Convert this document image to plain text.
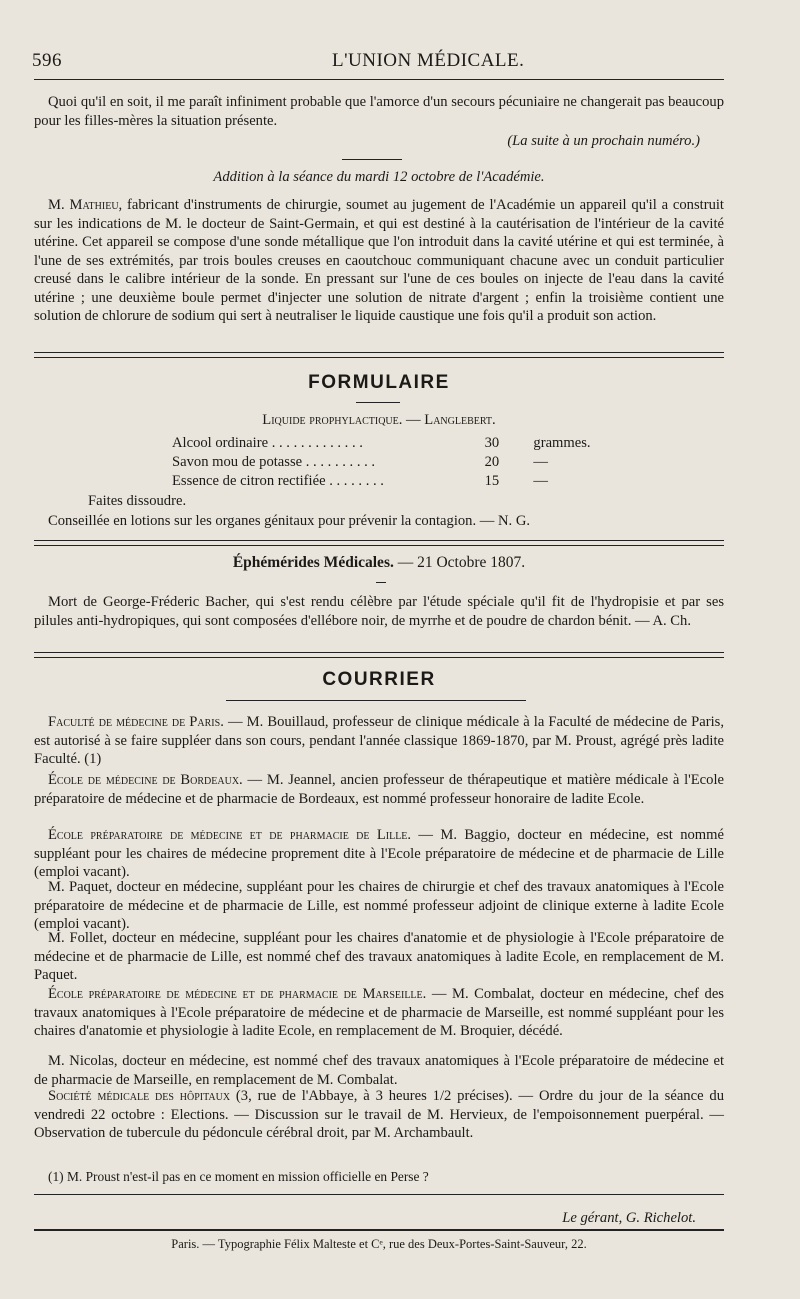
596	L'UNION MÉDICALE.

Quoi qu'il en soit, il me paraît infiniment probable que l'amorce d'un secours pécuniaire ne changerait pas beaucoup pour les filles-mères la situation présente.

(La suite à un prochain numéro.)

Addition à la séance du mardi 12 octobre de l'Académie.

M. Mathieu, fabricant d'instruments de chirurgie, soumet au jugement de l'Académie un appareil qu'il a construit sur les indications de M. le docteur de Saint-Germain, et qui est destiné à la cautérisation de l'intérieur de la cavité utérine. Cet appareil se compose d'une sonde métallique que l'on introduit dans la cavité utérine et qui est terminée, à l'une de ses extrémités, par trois boules creuses en caoutchouc communiquant chacune avec un conduit particulier creusé dans le calibre intérieur de la sonde. En pressant sur l'une de ces boules on injecte de l'eau dans la cavité utérine ; une deuxième boule permet d'injecter une solution de nitrate d'argent ; enfin la troisième contient une solution de chlorure de sodium qui sert à neutraliser le liquide caustique une fois qu'il a produit son action.

FORMULAIRE

Liquide prophylactique. — Langlebert.

Alcool ordinaire . . . . . . . . . . . . .	30	grammes.
Savon mou de potasse . . . . . . . . . .	20	—
Essence de citron rectifiée . . . . . . . .	15	—

Faites dissoudre.

Conseillée en lotions sur les organes génitaux pour prévenir la contagion. — N. G.

Éphémérides Médicales. — 21 Octobre 1807.

Mort de George-Fréderic Bacher, qui s'est rendu célèbre par l'étude spéciale qu'il fit de l'hydropisie et par ses pilules anti-hydropiques, qui sont composées d'ellébore noir, de myrrhe et de poudre de chardon bénit. — A. Ch.

COURRIER

Faculté de médecine de Paris. — M. Bouillaud, professeur de clinique médicale à la Faculté de médecine de Paris, est autorisé à se faire suppléer dans son cours, pendant l'année classique 1869-1870, par M. Proust, agrégé près ladite Faculté. (1)

École de médecine de Bordeaux. — M. Jeannel, ancien professeur de thérapeutique et matière médicale à l'Ecole préparatoire de médecine et de pharmacie de Bordeaux, est nommé professeur honoraire de ladite Ecole.

École préparatoire de médecine et de pharmacie de Lille. — M. Baggio, docteur en médecine, est nommé suppléant pour les chaires de médecine proprement dite à l'Ecole préparatoire de médecine et de pharmacie de Lille (emploi vacant).

M. Paquet, docteur en médecine, suppléant pour les chaires de chirurgie et chef des travaux anatomiques à l'Ecole préparatoire de médecine et de pharmacie de Lille, est nommé professeur adjoint de clinique externe à ladite Ecole (emploi vacant).

M. Follet, docteur en médecine, suppléant pour les chaires d'anatomie et de physiologie à l'Ecole préparatoire de médecine et de pharmacie de Lille, est nommé chef des travaux anatomiques à ladite Ecole, en remplacement de M. Paquet.

École préparatoire de médecine et de pharmacie de Marseille. — M. Combalat, docteur en médecine, chef des travaux anatomiques à l'Ecole préparatoire de médecine et de pharmacie de Marseille, est nommé suppléant pour les chaires d'anatomie et physiologie à ladite Ecole, en remplacement de M. Broquier, décédé.

M. Nicolas, docteur en médecine, est nommé chef des travaux anatomiques à l'Ecole préparatoire de médecine et de pharmacie de Marseille, en remplacement de M. Combalat.

Société médicale des hôpitaux (3, rue de l'Abbaye, à 3 heures 1/2 précises). — Ordre du jour de la séance du vendredi 22 octobre : Elections. — Discussion sur le travail de M. Hervieux, de l'empoisonnement puerpéral. — Observation de tubercule du pédoncule cérébral droit, par M. Archambault.

(1) M. Proust n'est-il pas en ce moment en mission officielle en Perse ?

Le gérant, G. Richelot.

Paris. — Typographie Félix Malteste et Cᵉ, rue des Deux-Portes-Saint-Sauveur, 22.
